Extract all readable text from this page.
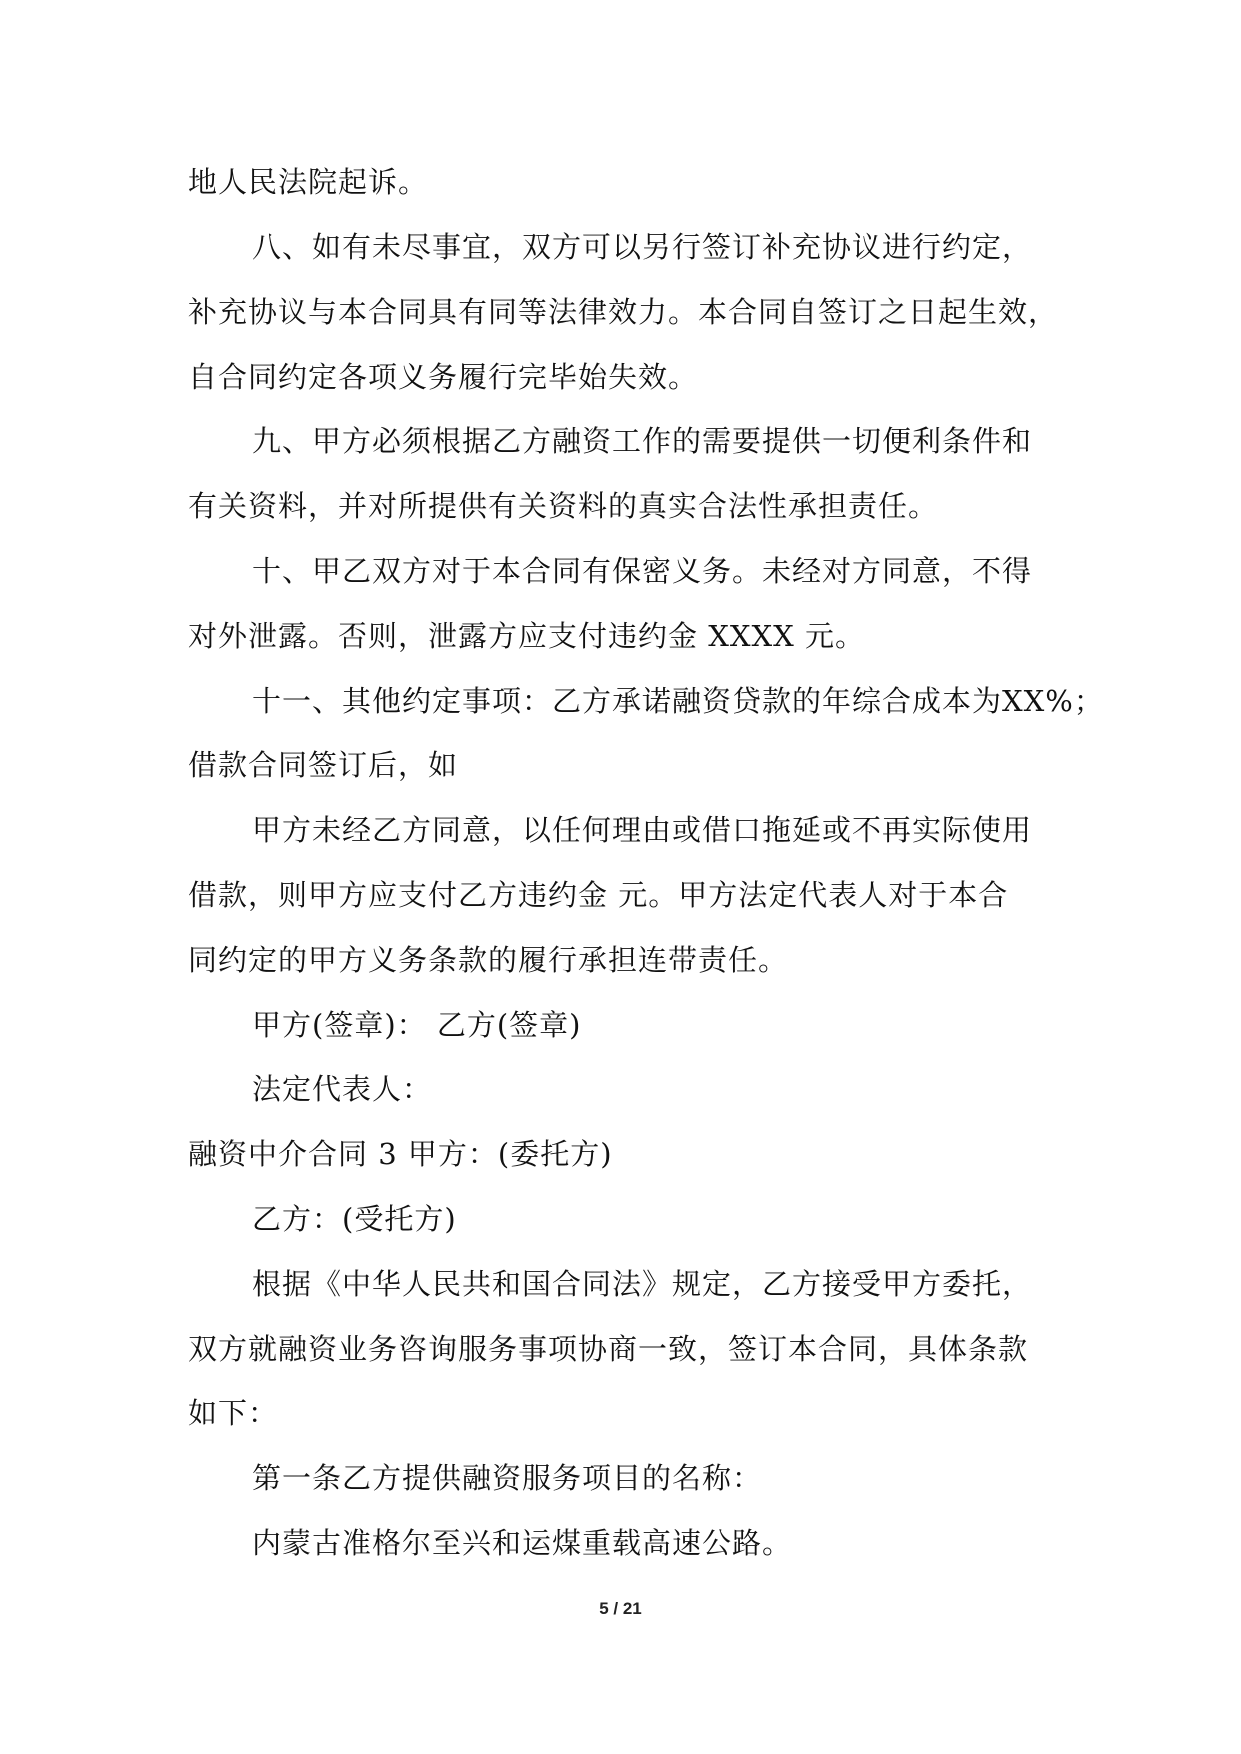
地人民法院起诉。
八、如有未尽事宜，双方可以另行签订补充协议进行约定，
补充协议与本合同具有同等法律效力。本合同自签订之日起生效，
自合同约定各项义务履行完毕始失效。
九、甲方必须根据乙方融资工作的需要提供一切便利条件和
有关资料，并对所提供有关资料的真实合法性承担责任。
十、甲乙双方对于本合同有保密义务。未经对方同意，不得
对外泄露。否则，泄露方应支付违约金 XXXX 元。
十一、其他约定事项：乙方承诺融资贷款的年综合成本为XX%；
借款合同签订后，如
甲方未经乙方同意，以任何理由或借口拖延或不再实际使用
借款，则甲方应支付乙方违约金 元。甲方法定代表人对于本合
同约定的甲方义务条款的履行承担连带责任。
甲方(签章)： 乙方(签章)
法定代表人：
融资中介合同 3 甲方：(委托方)
乙方：(受托方)
根据《中华人民共和国合同法》规定，乙方接受甲方委托，
双方就融资业务咨询服务事项协商一致，签订本合同，具体条款
如下：
第一条乙方提供融资服务项目的名称：
内蒙古准格尔至兴和运煤重载高速公路。
5 / 21
